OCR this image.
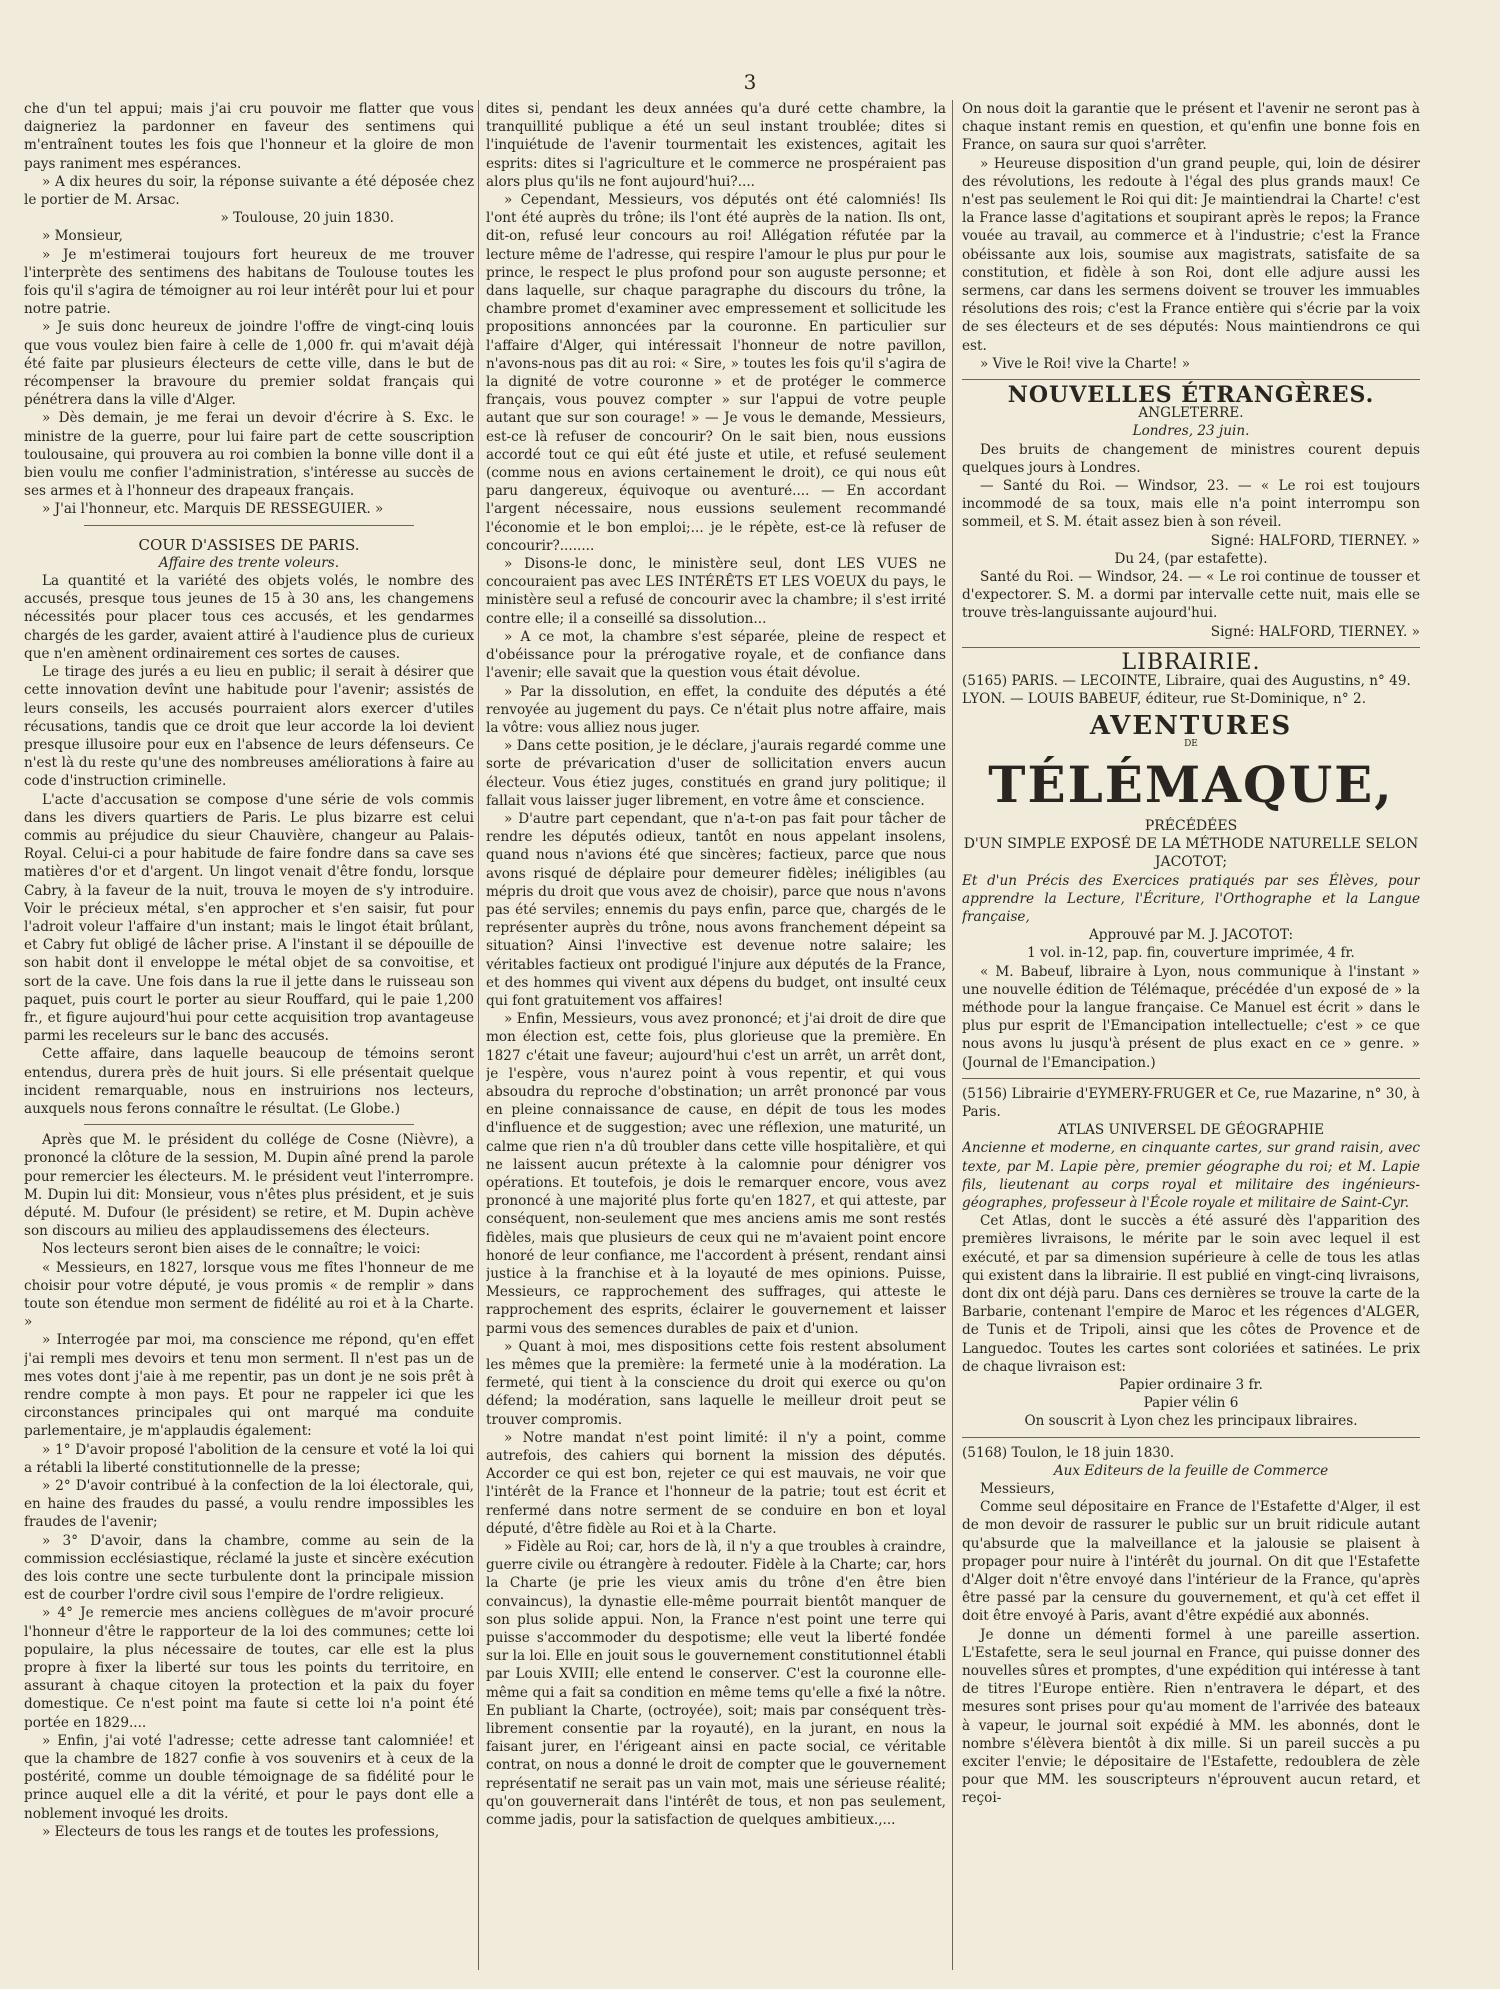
3

che d'un tel appui; mais j'ai cru pouvoir me flatter que vous daigneriez la pardonner en faveur des sentimens qui m'entraînent toutes les fois que l'honneur et la gloire de mon pays raniment mes espérances.

» A dix heures du soir, la réponse suivante a été déposée chez le portier de M. Arsac.

» Toulouse, 20 juin 1830.

» Monsieur,

» Je m'estimerai toujours fort heureux de me trouver l'interprète des sentimens des habitans de Toulouse toutes les fois qu'il s'agira de témoigner au roi leur intérêt pour lui et pour notre patrie.

» Je suis donc heureux de joindre l'offre de vingt-cinq louis que vous voulez bien faire à celle de 1,000 fr. qui m'avait déjà été faite par plusieurs électeurs de cette ville, dans le but de récompenser la bravoure du premier soldat français qui pénétrera dans la ville d'Alger.

» Dès demain, je me ferai un devoir d'écrire à S. Exc. le ministre de la guerre, pour lui faire part de cette souscription toulousaine, qui prouvera au roi combien la bonne ville dont il a bien voulu me confier l'administration, s'intéresse au succès de ses armes et à l'honneur des drapeaux français.

» J'ai l'honneur, etc. Marquis DE RESSEGUIER. »

COUR D'ASSISES DE PARIS.

Affaire des trente voleurs.

La quantité et la variété des objets volés, le nombre des accusés, presque tous jeunes de 15 à 30 ans, les changemens nécessités pour placer tous ces accusés, et les gendarmes chargés de les garder, avaient attiré à l'audience plus de curieux que n'en amènent ordinairement ces sortes de causes.

Le tirage des jurés a eu lieu en public; il serait à désirer que cette innovation devînt une habitude pour l'avenir; assistés de leurs conseils, les accusés pourraient alors exercer d'utiles récusations, tandis que ce droit que leur accorde la loi devient presque illusoire pour eux en l'absence de leurs défenseurs. Ce n'est là du reste qu'une des nombreuses améliorations à faire au code d'instruction criminelle.

L'acte d'accusation se compose d'une série de vols commis dans les divers quartiers de Paris. Le plus bizarre est celui commis au préjudice du sieur Chauvière, changeur au Palais-Royal. Celui-ci a pour habitude de faire fondre dans sa cave ses matières d'or et d'argent. Un lingot venait d'être fondu, lorsque Cabry, à la faveur de la nuit, trouva le moyen de s'y introduire. Voir le précieux métal, s'en approcher et s'en saisir, fut pour l'adroit voleur l'affaire d'un instant; mais le lingot était brûlant, et Cabry fut obligé de lâcher prise. A l'instant il se dépouille de son habit dont il enveloppe le métal objet de sa convoitise, et sort de la cave. Une fois dans la rue il jette dans le ruisseau son paquet, puis court le porter au sieur Rouffard, qui le paie 1,200 fr., et figure aujourd'hui pour cette acquisition trop avantageuse parmi les receleurs sur le banc des accusés.

Cette affaire, dans laquelle beaucoup de témoins seront entendus, durera près de huit jours. Si elle présentait quelque incident remarquable, nous en instruirions nos lecteurs, auxquels nous ferons connaître le résultat. (Le Globe.)

Après que M. le président du collége de Cosne (Nièvre), a prononcé la clôture de la session, M. Dupin aîné prend la parole pour remercier les électeurs. M. le président veut l'interrompre. M. Dupin lui dit: Monsieur, vous n'êtes plus président, et je suis député. M. Dufour (le président) se retire, et M. Dupin achève son discours au milieu des applaudissemens des électeurs.

Nos lecteurs seront bien aises de le connaître; le voici:

« Messieurs, en 1827, lorsque vous me fîtes l'honneur de me choisir pour votre député, je vous promis « de remplir » dans toute son étendue mon serment de fidélité au roi et à la Charte. »

» Interrogée par moi, ma conscience me répond, qu'en effet j'ai rempli mes devoirs et tenu mon serment. Il n'est pas un de mes votes dont j'aie à me repentir, pas un dont je ne sois prêt à rendre compte à mon pays. Et pour ne rappeler ici que les circonstances principales qui ont marqué ma conduite parlementaire, je m'applaudis également:

» 1° D'avoir proposé l'abolition de la censure et voté la loi qui a rétabli la liberté constitutionnelle de la presse;

» 2° D'avoir contribué à la confection de la loi électorale, qui, en haine des fraudes du passé, a voulu rendre impossibles les fraudes de l'avenir;

» 3° D'avoir, dans la chambre, comme au sein de la commission ecclésiastique, réclamé la juste et sincère exécution des lois contre une secte turbulente dont la principale mission est de courber l'ordre civil sous l'empire de l'ordre religieux.

» 4° Je remercie mes anciens collègues de m'avoir procuré l'honneur d'être le rapporteur de la loi des communes; cette loi populaire, la plus nécessaire de toutes, car elle est la plus propre à fixer la liberté sur tous les points du territoire, en assurant à chaque citoyen la protection et la paix du foyer domestique. Ce n'est point ma faute si cette loi n'a point été portée en 1829....

» Enfin, j'ai voté l'adresse; cette adresse tant calomniée! et que la chambre de 1827 confie à vos souvenirs et à ceux de la postérité, comme un double témoignage de sa fidélité pour le prince auquel elle a dit la vérité, et pour le pays dont elle a noblement invoqué les droits.

» Electeurs de tous les rangs et de toutes les professions,

dites si, pendant les deux années qu'a duré cette chambre, la tranquillité publique a été un seul instant troublée; dites si l'inquiétude de l'avenir tourmentait les existences, agitait les esprits: dites si l'agriculture et le commerce ne prospéraient pas alors plus qu'ils ne font aujourd'hui?....

» Cependant, Messieurs, vos députés ont été calomniés! Ils l'ont été auprès du trône; ils l'ont été auprès de la nation. Ils ont, dit-on, refusé leur concours au roi! Allégation réfutée par la lecture même de l'adresse, qui respire l'amour le plus pur pour le prince, le respect le plus profond pour son auguste personne; et dans laquelle, sur chaque paragraphe du discours du trône, la chambre promet d'examiner avec empressement et sollicitude les propositions annoncées par la couronne. En particulier sur l'affaire d'Alger, qui intéressait l'honneur de notre pavillon, n'avons-nous pas dit au roi: « Sire, » toutes les fois qu'il s'agira de la dignité de votre couronne » et de protéger le commerce français, vous pouvez compter » sur l'appui de votre peuple autant que sur son courage! » — Je vous le demande, Messieurs, est-ce là refuser de concourir? On le sait bien, nous eussions accordé tout ce qui eût été juste et utile, et refusé seulement (comme nous en avions certainement le droit), ce qui nous eût paru dangereux, équivoque ou aventuré.... — En accordant l'argent nécessaire, nous eussions seulement recommandé l'économie et le bon emploi;... je le répète, est-ce là refuser de concourir?........

» Disons-le donc, le ministère seul, dont LES VUES ne concouraient pas avec LES INTÉRÊTS ET LES VOEUX du pays, le ministère seul a refusé de concourir avec la chambre; il s'est irrité contre elle; il a conseillé sa dissolution...

» A ce mot, la chambre s'est séparée, pleine de respect et d'obéissance pour la prérogative royale, et de confiance dans l'avenir; elle savait que la question vous était dévolue.

» Par la dissolution, en effet, la conduite des députés a été renvoyée au jugement du pays. Ce n'était plus notre affaire, mais la vôtre: vous alliez nous juger.

» Dans cette position, je le déclare, j'aurais regardé comme une sorte de prévarication d'user de sollicitation envers aucun électeur. Vous étiez juges, constitués en grand jury politique; il fallait vous laisser juger librement, en votre âme et conscience.

» D'autre part cependant, que n'a-t-on pas fait pour tâcher de rendre les députés odieux, tantôt en nous appelant insolens, quand nous n'avions été que sincères; factieux, parce que nous avons risqué de déplaire pour demeurer fidèles; inéligibles (au mépris du droit que vous avez de choisir), parce que nous n'avons pas été serviles; ennemis du pays enfin, parce que, chargés de le représenter auprès du trône, nous avons franchement dépeint sa situation? Ainsi l'invective est devenue notre salaire; les véritables factieux ont prodigué l'injure aux députés de la France, et des hommes qui vivent aux dépens du budget, ont insulté ceux qui font gratuitement vos affaires!

» Enfin, Messieurs, vous avez prononcé; et j'ai droit de dire que mon élection est, cette fois, plus glorieuse que la première. En 1827 c'était une faveur; aujourd'hui c'est un arrêt, un arrêt dont, je l'espère, vous n'aurez point à vous repentir, et qui vous absoudra du reproche d'obstination; un arrêt prononcé par vous en pleine connaissance de cause, en dépit de tous les modes d'influence et de suggestion; avec une réflexion, une maturité, un calme que rien n'a dû troubler dans cette ville hospitalière, et qui ne laissent aucun prétexte à la calomnie pour dénigrer vos opérations. Et toutefois, je dois le remarquer encore, vous avez prononcé à une majorité plus forte qu'en 1827, et qui atteste, par conséquent, non-seulement que mes anciens amis me sont restés fidèles, mais que plusieurs de ceux qui ne m'avaient point encore honoré de leur confiance, me l'accordent à présent, rendant ainsi justice à la franchise et à la loyauté de mes opinions. Puisse, Messieurs, ce rapprochement des suffrages, qui atteste le rapprochement des esprits, éclairer le gouvernement et laisser parmi vous des semences durables de paix et d'union.

» Quant à moi, mes dispositions cette fois restent absolument les mêmes que la première: la fermeté unie à la modération. La fermeté, qui tient à la conscience du droit qui exerce ou qu'on défend; la modération, sans laquelle le meilleur droit peut se trouver compromis.

» Notre mandat n'est point limité: il n'y a point, comme autrefois, des cahiers qui bornent la mission des députés. Accorder ce qui est bon, rejeter ce qui est mauvais, ne voir que l'intérêt de la France et l'honneur de la patrie; tout est écrit et renfermé dans notre serment de se conduire en bon et loyal député, d'être fidèle au Roi et à la Charte.

» Fidèle au Roi; car, hors de là, il n'y a que troubles à craindre, guerre civile ou étrangère à redouter. Fidèle à la Charte; car, hors la Charte (je prie les vieux amis du trône d'en être bien convaincus), la dynastie elle-même pourrait bientôt manquer de son plus solide appui. Non, la France n'est point une terre qui puisse s'accommoder du despotisme; elle veut la liberté fondée sur la loi. Elle en jouit sous le gouvernement constitutionnel établi par Louis XVIII; elle entend le conserver. C'est la couronne elle-même qui a fait sa condition en même tems qu'elle a fixé la nôtre. En publiant la Charte, (octroyée), soit; mais par conséquent très-librement consentie par la royauté), en la jurant, en nous la faisant jurer, en l'érigeant ainsi en pacte social, ce véritable contrat, on nous a donné le droit de compter que le gouvernement représentatif ne serait pas un vain mot, mais une sérieuse réalité; qu'on gouvernerait dans l'intérêt de tous, et non pas seulement, comme jadis, pour la satisfaction de quelques ambitieux.,...

On nous doit la garantie que le présent et l'avenir ne seront pas à chaque instant remis en question, et qu'enfin une bonne fois en France, on saura sur quoi s'arrêter.

» Heureuse disposition d'un grand peuple, qui, loin de désirer des révolutions, les redoute à l'égal des plus grands maux! Ce n'est pas seulement le Roi qui dit: Je maintiendrai la Charte! c'est la France lasse d'agitations et soupirant après le repos; la France vouée au travail, au commerce et à l'industrie; c'est la France obéissante aux lois, soumise aux magistrats, satisfaite de sa constitution, et fidèle à son Roi, dont elle adjure aussi les sermens, car dans les sermens doivent se trouver les immuables résolutions des rois; c'est la France entière qui s'écrie par la voix de ses électeurs et de ses députés: Nous maintiendrons ce qui est.

» Vive le Roi! vive la Charte! »

NOUVELLES ÉTRANGÈRES.

ANGLETERRE.

Londres, 23 juin.

Des bruits de changement de ministres courent depuis quelques jours à Londres.

— Santé du Roi. — Windsor, 23. — « Le roi est toujours incommodé de sa toux, mais elle n'a point interrompu son sommeil, et S. M. était assez bien à son réveil.

Signé: HALFORD, TIERNEY. »

Du 24, (par estafette).

Santé du Roi. — Windsor, 24. — « Le roi continue de tousser et d'expectorer. S. M. a dormi par intervalle cette nuit, mais elle se trouve très-languissante aujourd'hui.

Signé: HALFORD, TIERNEY. »

LIBRAIRIE.

(5165) PARIS. — LECOINTE, Libraire, quai des Augustins, n° 49.

LYON. — LOUIS BABEUF, éditeur, rue St-Dominique, n° 2.

AVENTURES

DE

TÉLÉMAQUE,

PRÉCÉDÉES

D'UN SIMPLE EXPOSÉ DE LA MÉTHODE NATURELLE SELON JACOTOT;

Et d'un Précis des Exercices pratiqués par ses Élèves, pour apprendre la Lecture, l'Écriture, l'Orthographe et la Langue française,

Approuvé par M. J. JACOTOT:

1 vol. in-12, pap. fin, couverture imprimée, 4 fr.

« M. Babeuf, libraire à Lyon, nous communique à l'instant » une nouvelle édition de Télémaque, précédée d'un exposé de » la méthode pour la langue française. Ce Manuel est écrit » dans le plus pur esprit de l'Emancipation intellectuelle; c'est » ce que nous avons lu jusqu'à présent de plus exact en ce » genre. » (Journal de l'Emancipation.)

(5156) Librairie d'EYMERY-FRUGER et Ce, rue Mazarine, n° 30, à Paris.

ATLAS UNIVERSEL DE GÉOGRAPHIE

Ancienne et moderne, en cinquante cartes, sur grand raisin, avec texte, par M. Lapie père, premier géographe du roi; et M. Lapie fils, lieutenant au corps royal et militaire des ingénieurs-géographes, professeur à l'École royale et militaire de Saint-Cyr.

Cet Atlas, dont le succès a été assuré dès l'apparition des premières livraisons, le mérite par le soin avec lequel il est exécuté, et par sa dimension supérieure à celle de tous les atlas qui existent dans la librairie. Il est publié en vingt-cinq livraisons, dont dix ont déjà paru. Dans ces dernières se trouve la carte de la Barbarie, contenant l'empire de Maroc et les régences d'ALGER, de Tunis et de Tripoli, ainsi que les côtes de Provence et de Languedoc. Toutes les cartes sont coloriées et satinées. Le prix de chaque livraison est:

Papier ordinaire 3 fr.

Papier vélin 6

On souscrit à Lyon chez les principaux libraires.

(5168) Toulon, le 18 juin 1830.

Aux Editeurs de la feuille de Commerce

Messieurs,

Comme seul dépositaire en France de l'Estafette d'Alger, il est de mon devoir de rassurer le public sur un bruit ridicule autant qu'absurde que la malveillance et la jalousie se plaisent à propager pour nuire à l'intérêt du journal. On dit que l'Estafette d'Alger doit n'être envoyé dans l'intérieur de la France, qu'après être passé par la censure du gouvernement, et qu'à cet effet il doit être envoyé à Paris, avant d'être expédié aux abonnés.

Je donne un démenti formel à une pareille assertion. L'Estafette, sera le seul journal en France, qui puisse donner des nouvelles sûres et promptes, d'une expédition qui intéresse à tant de titres l'Europe entière. Rien n'entravera le départ, et des mesures sont prises pour qu'au moment de l'arrivée des bateaux à vapeur, le journal soit expédié à MM. les abonnés, dont le nombre s'élèvera bientôt à dix mille. Si un pareil succès a pu exciter l'envie; le dépositaire de l'Estafette, redoublera de zèle pour que MM. les souscripteurs n'éprouvent aucun retard, et reçoi-
